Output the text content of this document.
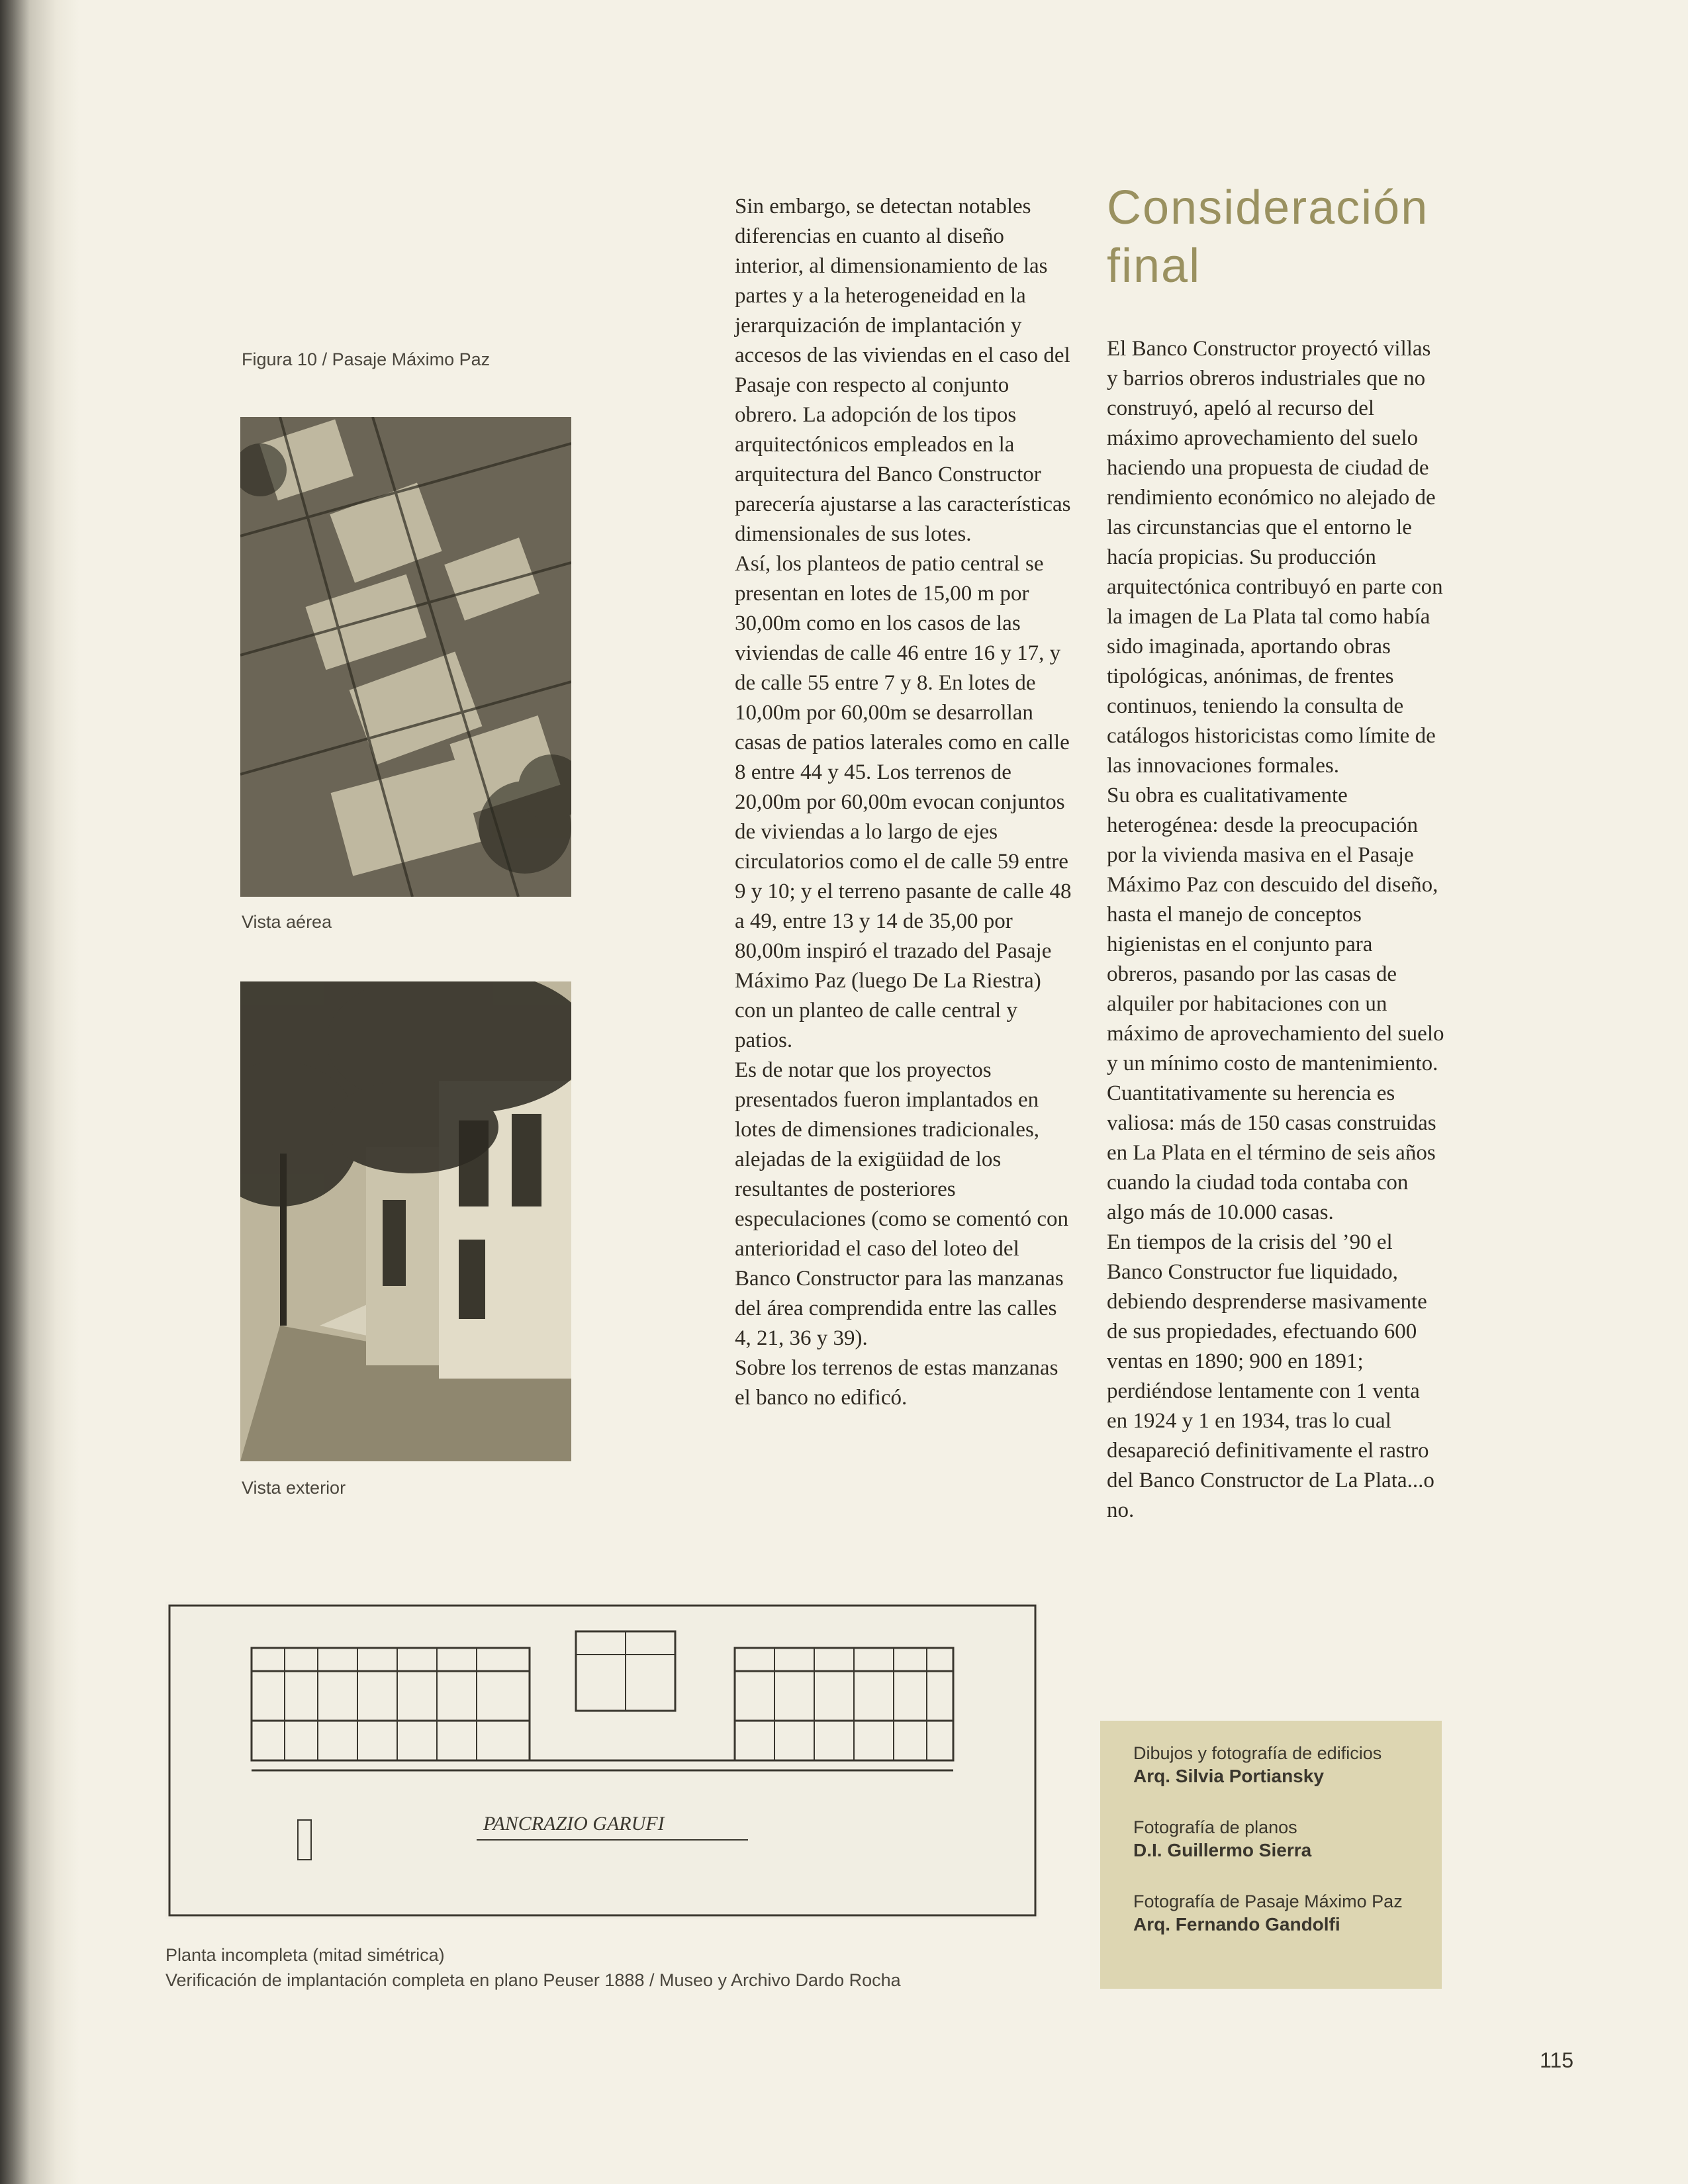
Figura 10 / Pasaje Máximo Paz
Vista aérea
Vista exterior

Sin embargo, se detectan notables diferencias en cuanto al diseño interior, al dimensionamiento de las partes y a la heterogeneidad en la jerarquización de implantación y accesos de las viviendas en el caso del Pasaje con respecto al conjunto obrero. La adopción de los tipos arquitectónicos empleados en la arquitectura del Banco Constructor parecería ajustarse a las características dimensionales de sus lotes.

Así, los planteos de patio central se presentan en lotes de 15,00 m por 30,00m como en los casos de las viviendas de calle 46 entre 16 y 17, y de calle 55 entre 7 y 8. En lotes de 10,00m por 60,00m se desarrollan casas de patios laterales como en calle 8 entre 44 y 45. Los terrenos de 20,00m por 60,00m evocan conjuntos de viviendas a lo largo de ejes circulatorios como el de calle 59 entre 9 y 10; y el terreno pasante de calle 48 a 49, entre 13 y 14 de 35,00 por 80,00m inspiró el trazado del Pasaje Máximo Paz (luego De La Riestra) con un planteo de calle central y patios.

Es de notar que los proyectos presentados fueron implantados en lotes de dimensiones tradicionales, alejadas de la exigüidad de los resultantes de posteriores especulaciones (como se comentó con anterioridad el caso del loteo del Banco Constructor para las manzanas del área comprendida entre las calles 4, 21, 36 y 39).

Sobre los terrenos de estas manzanas el banco no edificó.

Consideración final

El Banco Constructor proyectó villas y barrios obreros industriales que no construyó, apeló al recurso del máximo aprovechamiento del suelo haciendo una propuesta de ciudad de rendimiento económico no alejado de las circunstancias que el entorno le hacía propicias. Su producción arquitectónica contribuyó en parte con la imagen de La Plata tal como había sido imaginada, aportando obras tipológicas, anónimas, de frentes continuos, teniendo la consulta de catálogos historicistas como límite de las innovaciones formales.

Su obra es cualitativamente heterogénea: desde la preocupación por la vivienda masiva en el Pasaje Máximo Paz con descuido del diseño, hasta el manejo de conceptos higienistas en el conjunto para obreros, pasando por las casas de alquiler por habitaciones con un máximo de aprovechamiento del suelo y un mínimo costo de mantenimiento. Cuantitativamente su herencia es valiosa: más de 150 casas construidas en La Plata en el término de seis años cuando la ciudad toda contaba con algo más de 10.000 casas.

En tiempos de la crisis del ’90 el Banco Constructor fue liquidado, debiendo desprenderse masivamente de sus propiedades, efectuando 600 ventas en 1890; 900 en 1891; perdiéndose lentamente con 1 venta en 1924 y 1 en 1934, tras lo cual desapareció definitivamente el rastro del Banco Constructor de La Plata...o no.

PANCRAZIO GARUFI
Planta incompleta (mitad simétrica)
Verificación de implantación completa en plano Peuser 1888 / Museo y Archivo Dardo Rocha
Dibujos y fotografía de edificios
Arq. Silvia Portiansky
Fotografía de planos
D.I. Guillermo Sierra
Fotografía de Pasaje Máximo Paz
Arq. Fernando Gandolfi
115
